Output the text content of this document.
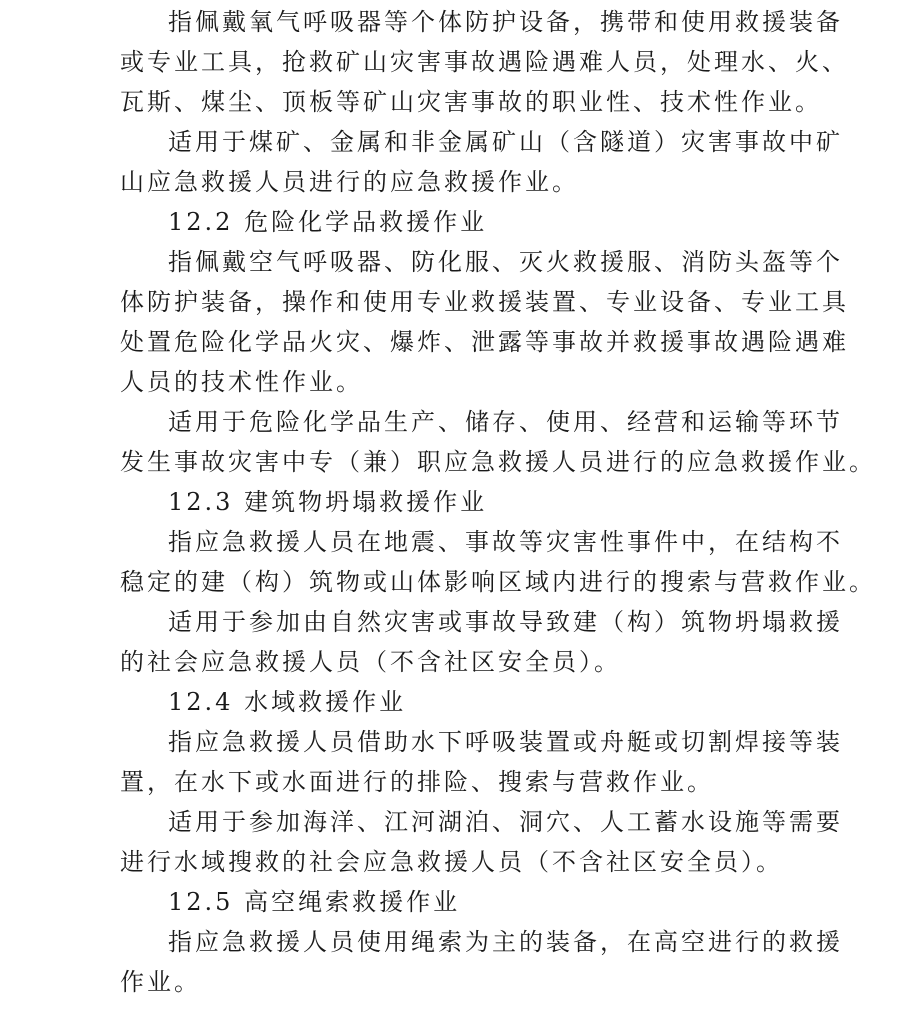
指佩戴氧气呼吸器等个体防护设备，携带和使用救援装备
或专业工具，抢救矿山灾害事故遇险遇难人员，处理水、火、
瓦斯、煤尘、顶板等矿山灾害事故的职业性、技术性作业。
适用于煤矿、金属和非金属矿山（含隧道）灾害事故中矿
山应急救援人员进行的应急救援作业。
12.2 危险化学品救援作业
指佩戴空气呼吸器、防化服、灭火救援服、消防头盔等个
体防护装备，操作和使用专业救援装置、专业设备、专业工具
处置危险化学品火灾、爆炸、泄露等事故并救援事故遇险遇难
人员的技术性作业。
适用于危险化学品生产、储存、使用、经营和运输等环节
发生事故灾害中专（兼）职应急救援人员进行的应急救援作业。
12.3 建筑物坍塌救援作业
指应急救援人员在地震、事故等灾害性事件中，在结构不
稳定的建（构）筑物或山体影响区域内进行的搜索与营救作业。
适用于参加由自然灾害或事故导致建（构）筑物坍塌救援
的社会应急救援人员（不含社区安全员）。
12.4 水域救援作业
指应急救援人员借助水下呼吸装置或舟艇或切割焊接等装
置，在水下或水面进行的排险、搜索与营救作业。
适用于参加海洋、江河湖泊、洞穴、人工蓄水设施等需要
进行水域搜救的社会应急救援人员（不含社区安全员）。
12.5 高空绳索救援作业
指应急救援人员使用绳索为主的装备，在高空进行的救援
作业。
